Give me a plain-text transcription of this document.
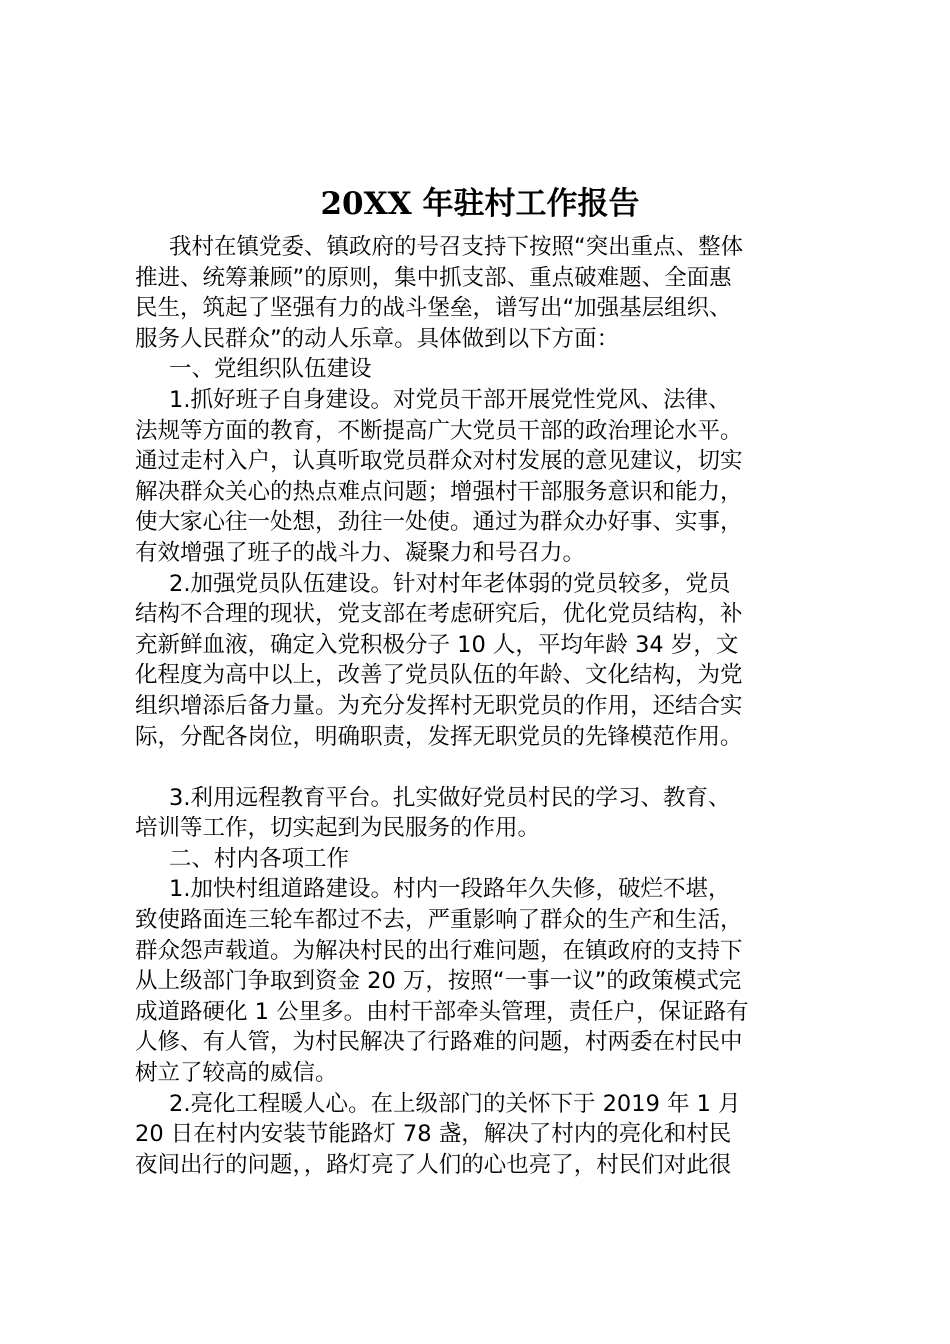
20XX 年驻村工作报告
我村在镇党委、镇政府的号召支持下按照“突出重点、整体
推进、统筹兼顾”的原则，集中抓支部、重点破难题、全面惠
民生，筑起了坚强有力的战斗堡垒，谱写出“加强基层组织、
服务人民群众”的动人乐章。具体做到以下方面：
一、党组织队伍建设
1.抓好班子自身建设。对党员干部开展党性党风、法律、
法规等方面的教育，不断提高广大党员干部的政治理论水平。
通过走村入户，认真听取党员群众对村发展的意见建议，切实
解决群众关心的热点难点问题；增强村干部服务意识和能力，
使大家心往一处想，劲往一处使。通过为群众办好事、实事，
有效增强了班子的战斗力、凝聚力和号召力。
2.加强党员队伍建设。针对村年老体弱的党员较多，党员
结构不合理的现状，党支部在考虑研究后，优化党员结构，补
充新鲜血液，确定入党积极分子 10 人，平均年龄 34 岁，文
化程度为高中以上，改善了党员队伍的年龄、文化结构，为党
组织增添后备力量。为充分发挥村无职党员的作用，还结合实
际，分配各岗位，明确职责，发挥无职党员的先锋模范作用。
3.利用远程教育平台。扎实做好党员村民的学习、教育、
培训等工作，切实起到为民服务的作用。
二、村内各项工作
1.加快村组道路建设。村内一段路年久失修，破烂不堪，
致使路面连三轮车都过不去，严重影响了群众的生产和生活，
群众怨声载道。为解决村民的出行难问题，在镇政府的支持下
从上级部门争取到资金 20 万，按照“一事一议”的政策模式完
成道路硬化 1 公里多。由村干部牵头管理，责任户，保证路有
人修、有人管，为村民解决了行路难的问题，村两委在村民中
树立了较高的威信。
2.亮化工程暖人心。在上级部门的关怀下于 2019 年 1 月
20 日在村内安装节能路灯 78 盏，解决了村内的亮化和村民
夜间出行的问题，，路灯亮了人们的心也亮了，村民们对此很
